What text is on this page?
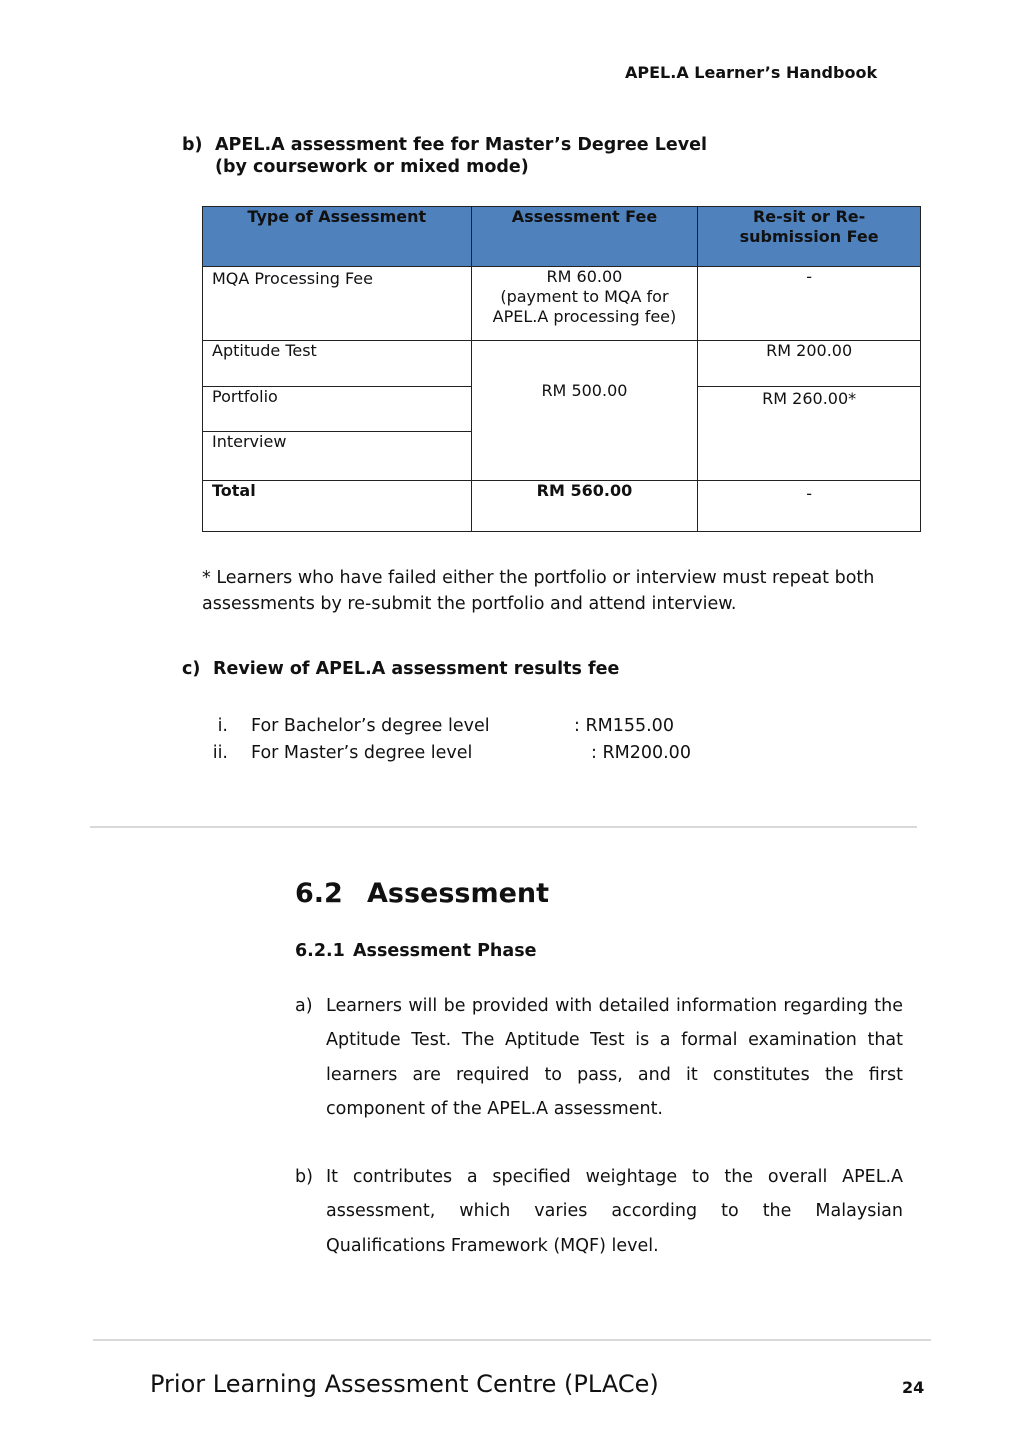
APEL.A Learner’s Handbook
b) APEL.A assessment fee for Master’s Degree Level
(by coursework or mixed mode)
Type of Assessment	Assessment Fee	Re-sit or Re-submission Fee
MQA Processing Fee	RM 60.00
(payment to MQA for
APEL.A processing fee)	-
Aptitude Test	RM 500.00	RM 200.00
Portfolio		RM 260.00*
Interview		
Total	RM 560.00	-
* Learners who have failed either the portfolio or interview must repeat both assessments by re-submit the portfolio and attend interview.
c) Review of APEL.A assessment results fee
i. For Bachelor’s degree level	: RM155.00
ii. For Master’s degree level	: RM200.00
6.2 Assessment
6.2.1 Assessment Phase
a) Learners will be provided with detailed information regarding the Aptitude Test. The Aptitude Test is a formal examination that learners are required to pass, and it constitutes the first component of the APEL.A assessment.
b) It contributes a specified weightage to the overall APEL.A assessment, which varies according to the Malaysian Qualifications Framework (MQF) level.
Prior Learning Assessment Centre (PLACe)	24
